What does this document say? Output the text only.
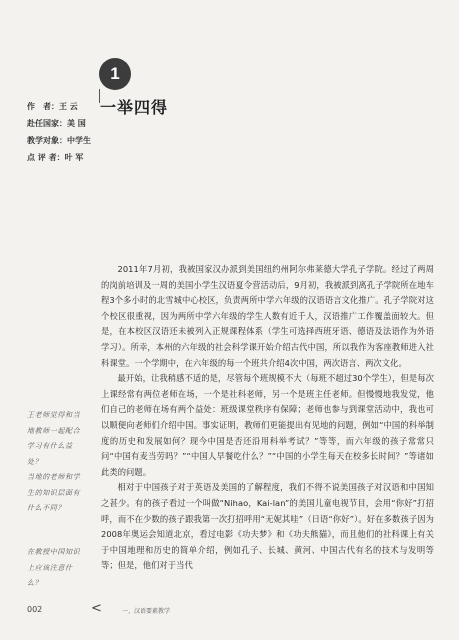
1
一举四得
作　者：王 云
赴任国家：美 国
教学对象：中学生
点 评 者：叶 军

王老师觉得和当

地教师一起配合

学习有什么益

处？

当地的老师和学

生的知识层面有

什么不同？

在教授中国知识

上应该注意什

么？

2011年7月初，我被国家汉办派到美国纽约州阿尔弗莱德大学孔子学院。经过了两周的岗前培训及一周的美国小学生汉语夏令营活动后，9月初，我被派到离孔子学院所在地车程3个多小时的北雪城中心校区，负责两所中学六年级的汉语语言文化推广。孔子学院对这个校区很重视，因为两所中学六年级的学生人数有近千人，汉语推广工作覆盖面较大。但是，在本校区汉语还未被列入正规课程体系（学生可选择西班牙语、德语及法语作为外语学习）。所幸，本州的六年级的社会科学课开始介绍古代中国，所以我作为客座教师进入社科课堂。一个学期中，在六年级的每一个班共介绍4次中国，两次语言、两次文化。

最开始，让我稍感不适的是，尽管每个班规模不大（每班不超过30个学生），但是每次上课经常有两位老师在场，一个是社科老师，另一个是班主任老师。但慢慢地我发觉，他们自己的老师在场有两个益处：班级课堂秩序有保障；老师也参与到课堂活动中，我也可以顺便向老师们介绍中国。事实证明，教师们更能提出有见地的问题，例如“中国的科举制度的历史和发展如何？现今中国是否还沿用科举考试？”等等，而六年级的孩子常常只问“中国有麦当劳吗？”“中国人早餐吃什么？”“中国的小学生每天在校多长时间？”等诸如此类的问题。

相对于中国孩子对于英语及美国的了解程度，我们不得不说美国孩子对汉语和中国知之甚少。有的孩子看过一个叫做“Nihao，Kai-lan”的美国儿童电视节目，会用“你好”打招呼，而不在少数的孩子跟我第一次打招呼用“无妮其哇”（日语“你好”）。好在多数孩子因为2008年奥运会知道北京，看过电影《功夫梦》和《功夫熊猫》，而且他们的社科课上有关于中国地理和历史的简单介绍，例如孔子、长城、黄河、中国古代有名的技术与发明等等；但是，他们对于当代

002	<	一、汉语要素教学
